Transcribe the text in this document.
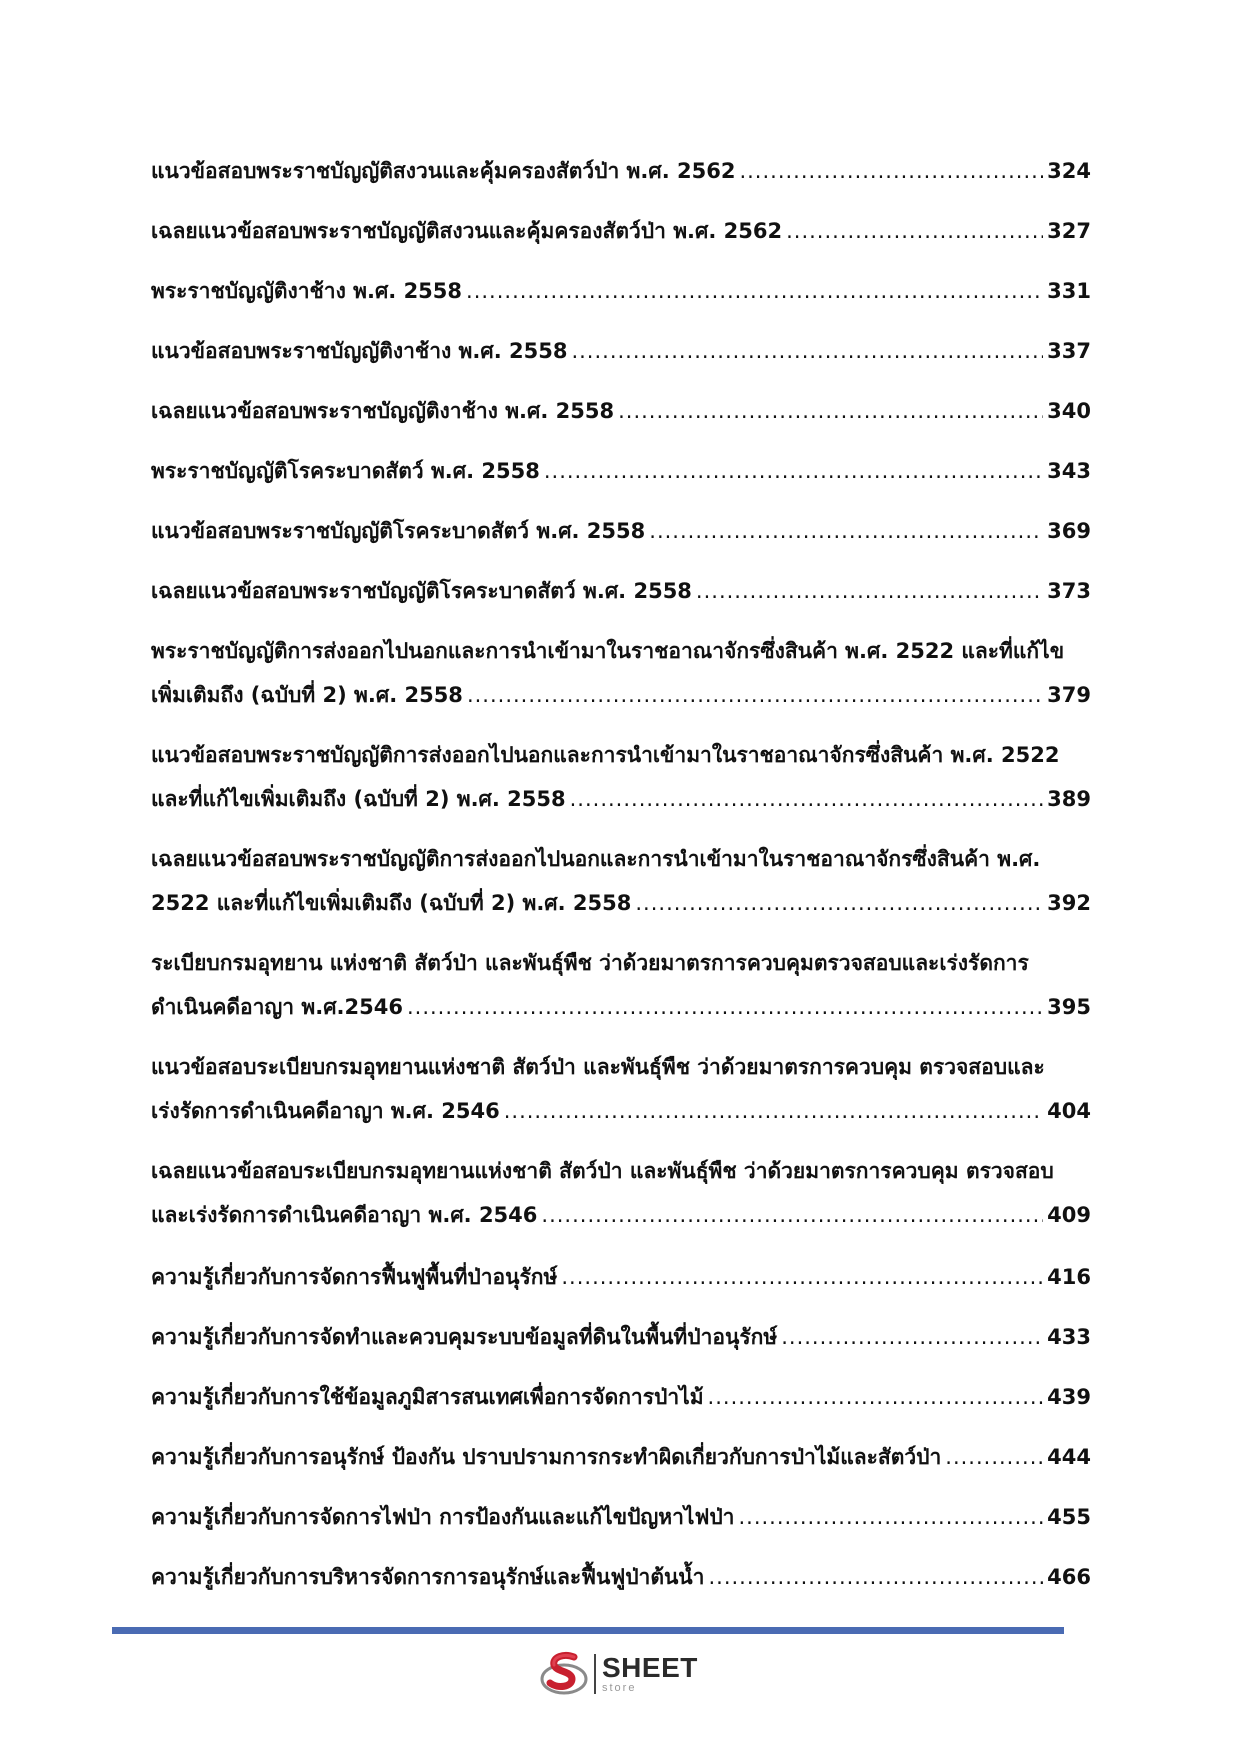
แนวข้อสอบพระราชบัญญัติสงวนและคุ้มครองสัตว์ป่า พ.ศ. 2562 .....	324
เฉลยแนวข้อสอบพระราชบัญญัติสงวนและคุ้มครองสัตว์ป่า พ.ศ. 2562 .....	327
พระราชบัญญัติงาช้าง พ.ศ. 2558 .....	331
แนวข้อสอบพระราชบัญญัติงาช้าง พ.ศ. 2558 .....	337
เฉลยแนวข้อสอบพระราชบัญญัติงาช้าง พ.ศ. 2558 .....	340
พระราชบัญญัติโรคระบาดสัตว์ พ.ศ. 2558 .....	343
แนวข้อสอบพระราชบัญญัติโรคระบาดสัตว์ พ.ศ. 2558 .....	369
เฉลยแนวข้อสอบพระราชบัญญัติโรคระบาดสัตว์ พ.ศ. 2558 .....	373
พระราชบัญญัติการส่งออกไปนอกและการนำเข้ามาในราชอาณาจักรซึ่งสินค้า พ.ศ. 2522 และที่แก้ไข
เพิ่มเติมถึง (ฉบับที่ 2) พ.ศ. 2558 .....	379
แนวข้อสอบพระราชบัญญัติการส่งออกไปนอกและการนำเข้ามาในราชอาณาจักรซึ่งสินค้า พ.ศ. 2522
และที่แก้ไขเพิ่มเติมถึง (ฉบับที่ 2) พ.ศ. 2558 .....	389
เฉลยแนวข้อสอบพระราชบัญญัติการส่งออกไปนอกและการนำเข้ามาในราชอาณาจักรซึ่งสินค้า พ.ศ.
2522 และที่แก้ไขเพิ่มเติมถึง (ฉบับที่ 2) พ.ศ. 2558 .....	392
ระเบียบกรมอุทยาน แห่งชาติ สัตว์ป่า และพันธุ์พืช ว่าด้วยมาตรการควบคุมตรวจสอบและเร่งรัดการ
ดำเนินคดีอาญา พ.ศ.2546 .....	395
แนวข้อสอบระเบียบกรมอุทยานแห่งชาติ สัตว์ป่า และพันธุ์พืช ว่าด้วยมาตรการควบคุม ตรวจสอบและ
เร่งรัดการดำเนินคดีอาญา พ.ศ. 2546 .....	404
เฉลยแนวข้อสอบระเบียบกรมอุทยานแห่งชาติ สัตว์ป่า และพันธุ์พืช ว่าด้วยมาตรการควบคุม ตรวจสอบ
และเร่งรัดการดำเนินคดีอาญา พ.ศ. 2546 .....	409
ความรู้เกี่ยวกับการจัดการฟื้นฟูพื้นที่ป่าอนุรักษ์ .....	416
ความรู้เกี่ยวกับการจัดทำและควบคุมระบบข้อมูลที่ดินในพื้นที่ป่าอนุรักษ์ .....	433
ความรู้เกี่ยวกับการใช้ข้อมูลภูมิสารสนเทศเพื่อการจัดการป่าไม้ .....	439
ความรู้เกี่ยวกับการอนุรักษ์ ป้องกัน ปราบปรามการกระทำผิดเกี่ยวกับการป่าไม้และสัตว์ป่า .....	444
ความรู้เกี่ยวกับการจัดการไฟป่า การป้องกันและแก้ไขปัญหาไฟป่า .....	455
ความรู้เกี่ยวกับการบริหารจัดการการอนุรักษ์และฟื้นฟูป่าต้นน้ำ .....	466
SHEET
store
